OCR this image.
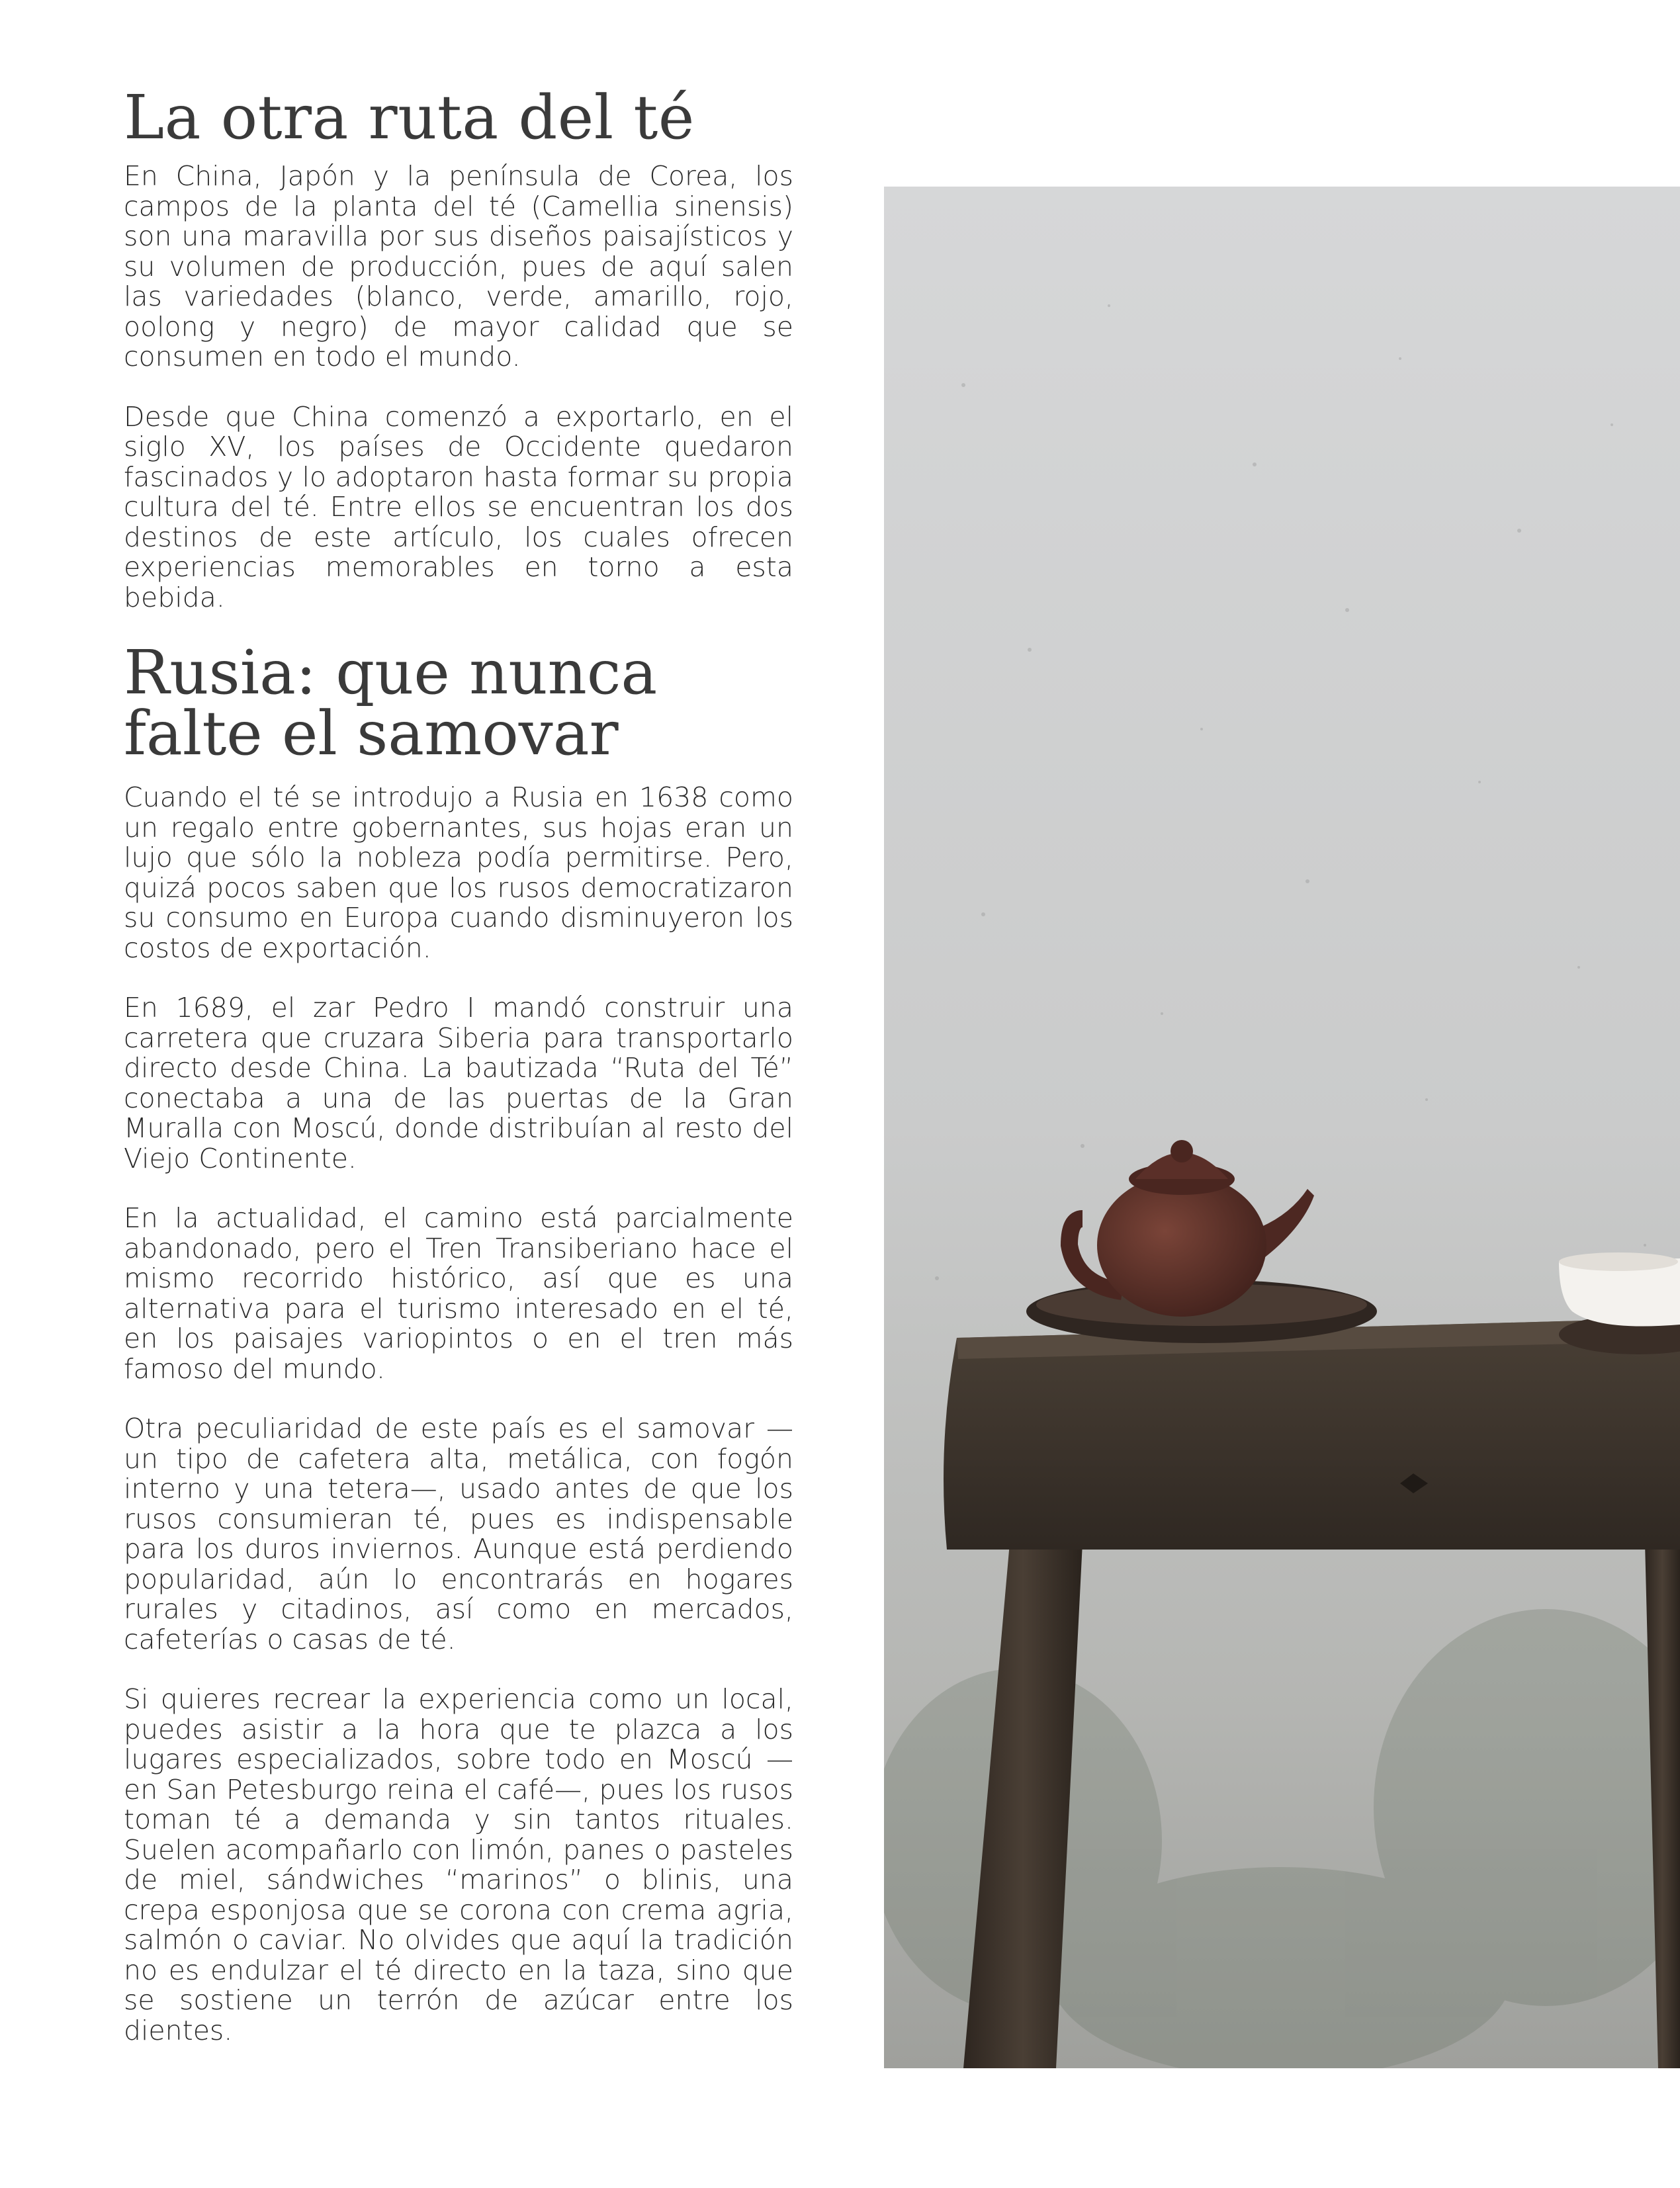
La otra ruta del té

En China, Japón y la península de Corea, los campos de la planta del té (Camellia sinensis) son una maravilla por sus diseños paisajísticos y su volumen de producción, pues de aquí salen las variedades (blanco, verde, amarillo, rojo, oolong y negro) de mayor calidad que se consumen en todo el mundo.

Desde que China comenzó a exportarlo, en el siglo XV, los países de Occidente quedaron fascinados y lo adoptaron hasta formar su propia cultura del té. Entre ellos se encuentran los dos destinos de este artículo, los cuales ofrecen experiencias memorables en torno a esta bebida.

Rusia: que nunca falte el samovar

Cuando el té se introdujo a Rusia en 1638 como un regalo entre gobernantes, sus hojas eran un lujo que sólo la nobleza podía permitirse. Pero, quizá pocos saben que los rusos democratizaron su consumo en Europa cuando disminuyeron los costos de exportación.

En 1689, el zar Pedro I mandó construir una carretera que cruzara Siberia para transportarlo directo desde China. La bautizada “Ruta del Té” conectaba a una de las puertas de la Gran Muralla con Moscú, donde distribuían al resto del Viejo Continente.

En la actualidad, el camino está parcialmente abandonado, pero el Tren Transiberiano hace el mismo recorrido histórico, así que es una alternativa para el turismo interesado en el té, en los paisajes variopintos o en el tren más famoso del mundo.

Otra peculiaridad de este país es el samovar —un tipo de cafetera alta, metálica, con fogón interno y una tetera—, usado antes de que los rusos consumieran té, pues es indispensable para los duros inviernos. Aunque está perdiendo popularidad, aún lo encontrarás en hogares rurales y citadinos, así como en mercados, cafeterías o casas de té.

Si quieres recrear la experiencia como un local, puedes asistir a la hora que te plazca a los lugares especializados, sobre todo en Moscú —en San Petesburgo reina el café—, pues los rusos toman té a demanda y sin tantos rituales. Suelen acompañarlo con limón, panes o pasteles de miel, sándwiches “marinos” o blinis, una crepa esponjosa que se corona con crema agria, salmón o caviar. No olvides que aquí la tradición no es endulzar el té directo en la taza, sino que se sostiene un terrón de azúcar entre los dientes.
